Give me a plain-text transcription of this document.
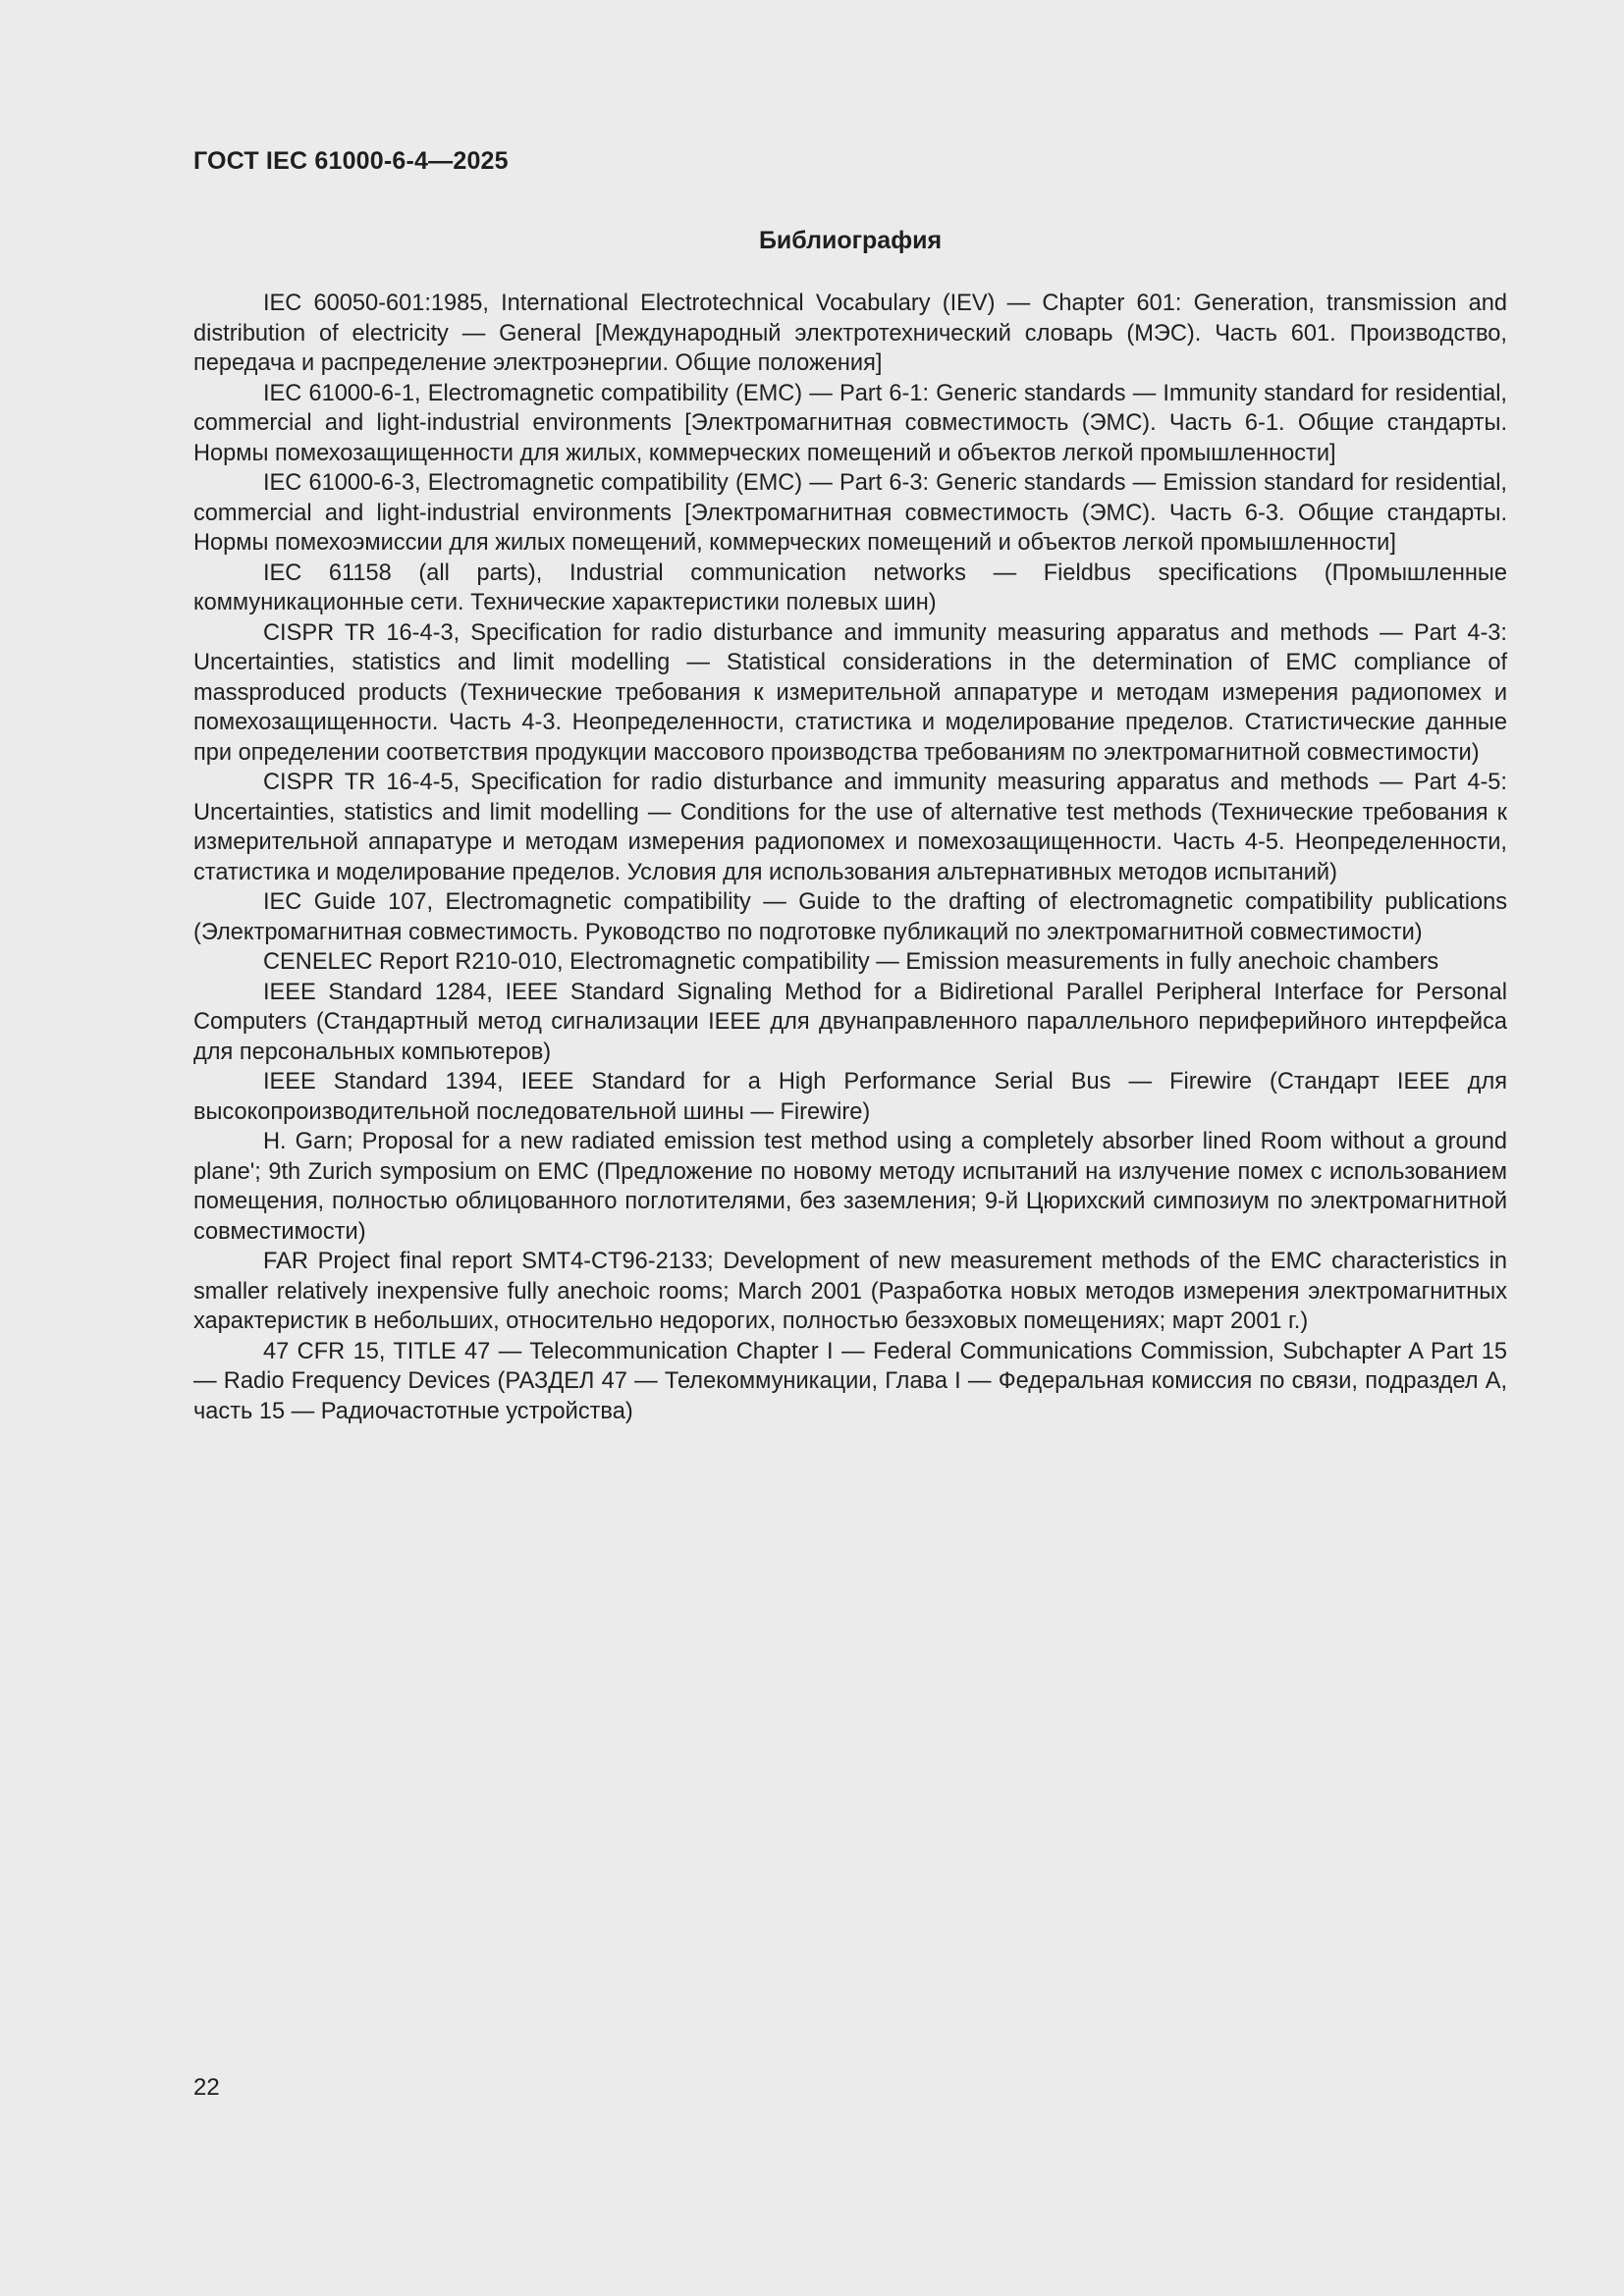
ГОСТ IEC 61000-6-4—2025
Библиография

IEC 60050-601:1985, International Electrotechnical Vocabulary (IEV) — Chapter 601: Generation, transmission and distribution of electricity — General [Международный электротехнический словарь (МЭС). Часть 601. Производство, передача и распределение электроэнергии. Общие положения]

IEC 61000-6-1, Electromagnetic compatibility (EMC) — Part 6-1: Generic standards — Immunity standard for residential, commercial and light-industrial environments [Электромагнитная совместимость (ЭМС). Часть 6-1. Общие стандарты. Нормы помехозащищенности для жилых, коммерческих помещений и объектов легкой промышленности]

IEC 61000-6-3, Electromagnetic compatibility (EMC) — Part 6-3: Generic standards — Emission standard for residential, commercial and light-industrial environments [Электромагнитная совместимость (ЭМС). Часть 6-3. Общие стандарты. Нормы помехоэмиссии для жилых помещений, коммерческих помещений и объектов легкой промышленности]

IEC 61158 (all parts), Industrial communication networks — Fieldbus specifications (Промышленные коммуникационные сети. Технические характеристики полевых шин)

CISPR TR 16-4-3, Specification for radio disturbance and immunity measuring apparatus and methods — Part 4-3: Uncertainties, statistics and limit modelling — Statistical considerations in the determination of EMC compliance of massproduced products (Технические требования к измерительной аппаратуре и методам измерения радиопомех и помехозащищенности. Часть 4-3. Неопределенности, статистика и моделирование пределов. Статистические данные при определении соответствия продукции массового производства требованиям по электромагнитной совместимости)

CISPR TR 16-4-5, Specification for radio disturbance and immunity measuring apparatus and methods — Part 4-5: Uncertainties, statistics and limit modelling — Conditions for the use of alternative test methods (Технические требования к измерительной аппаратуре и методам измерения радиопомех и помехозащищенности. Часть 4-5. Неопределенности, статистика и моделирование пределов. Условия для использования альтернативных методов испытаний)

IEC Guide 107, Electromagnetic compatibility — Guide to the drafting of electromagnetic compatibility publications (Электромагнитная совместимость. Руководство по подготовке публикаций по электромагнитной совместимости)

CENELEC Report R210-010, Electromagnetic compatibility — Emission measurements in fully anechoic chambers

IEEE Standard 1284, IEEE Standard Signaling Method for a Bidiretional Parallel Peripheral Interface for Personal Computers (Стандартный метод сигнализации IEEE для двунаправленного параллельного периферийного интерфейса для персональных компьютеров)

IEEE Standard 1394, IEEE Standard for a High Performance Serial Bus — Firewire (Стандарт IEEE для высокопроизводительной последовательной шины — Firewire)

H. Garn; Proposal for a new radiated emission test method using a completely absorber lined Room without a ground plane'; 9th Zurich symposium on EMC (Предложение по новому методу испытаний на излучение помех с использованием помещения, полностью облицованного поглотителями, без заземления; 9-й Цюрихский симпозиум по электромагнитной совместимости)

FAR Project final report SMT4-CT96-2133; Development of new measurement methods of the EMC characteristics in smaller relatively inexpensive fully anechoic rooms; March 2001 (Разработка новых методов измерения электромагнитных характеристик в небольших, относительно недорогих, полностью безэховых помещениях; март 2001 г.)

47 CFR 15, TITLE 47 — Telecommunication Chapter I — Federal Communications Commission, Subchapter A Part 15 — Radio Frequency Devices (РАЗДЕЛ 47 — Телекоммуникации, Глава I — Федеральная комиссия по связи, подраздел A, часть 15 — Радиочастотные устройства)

22
